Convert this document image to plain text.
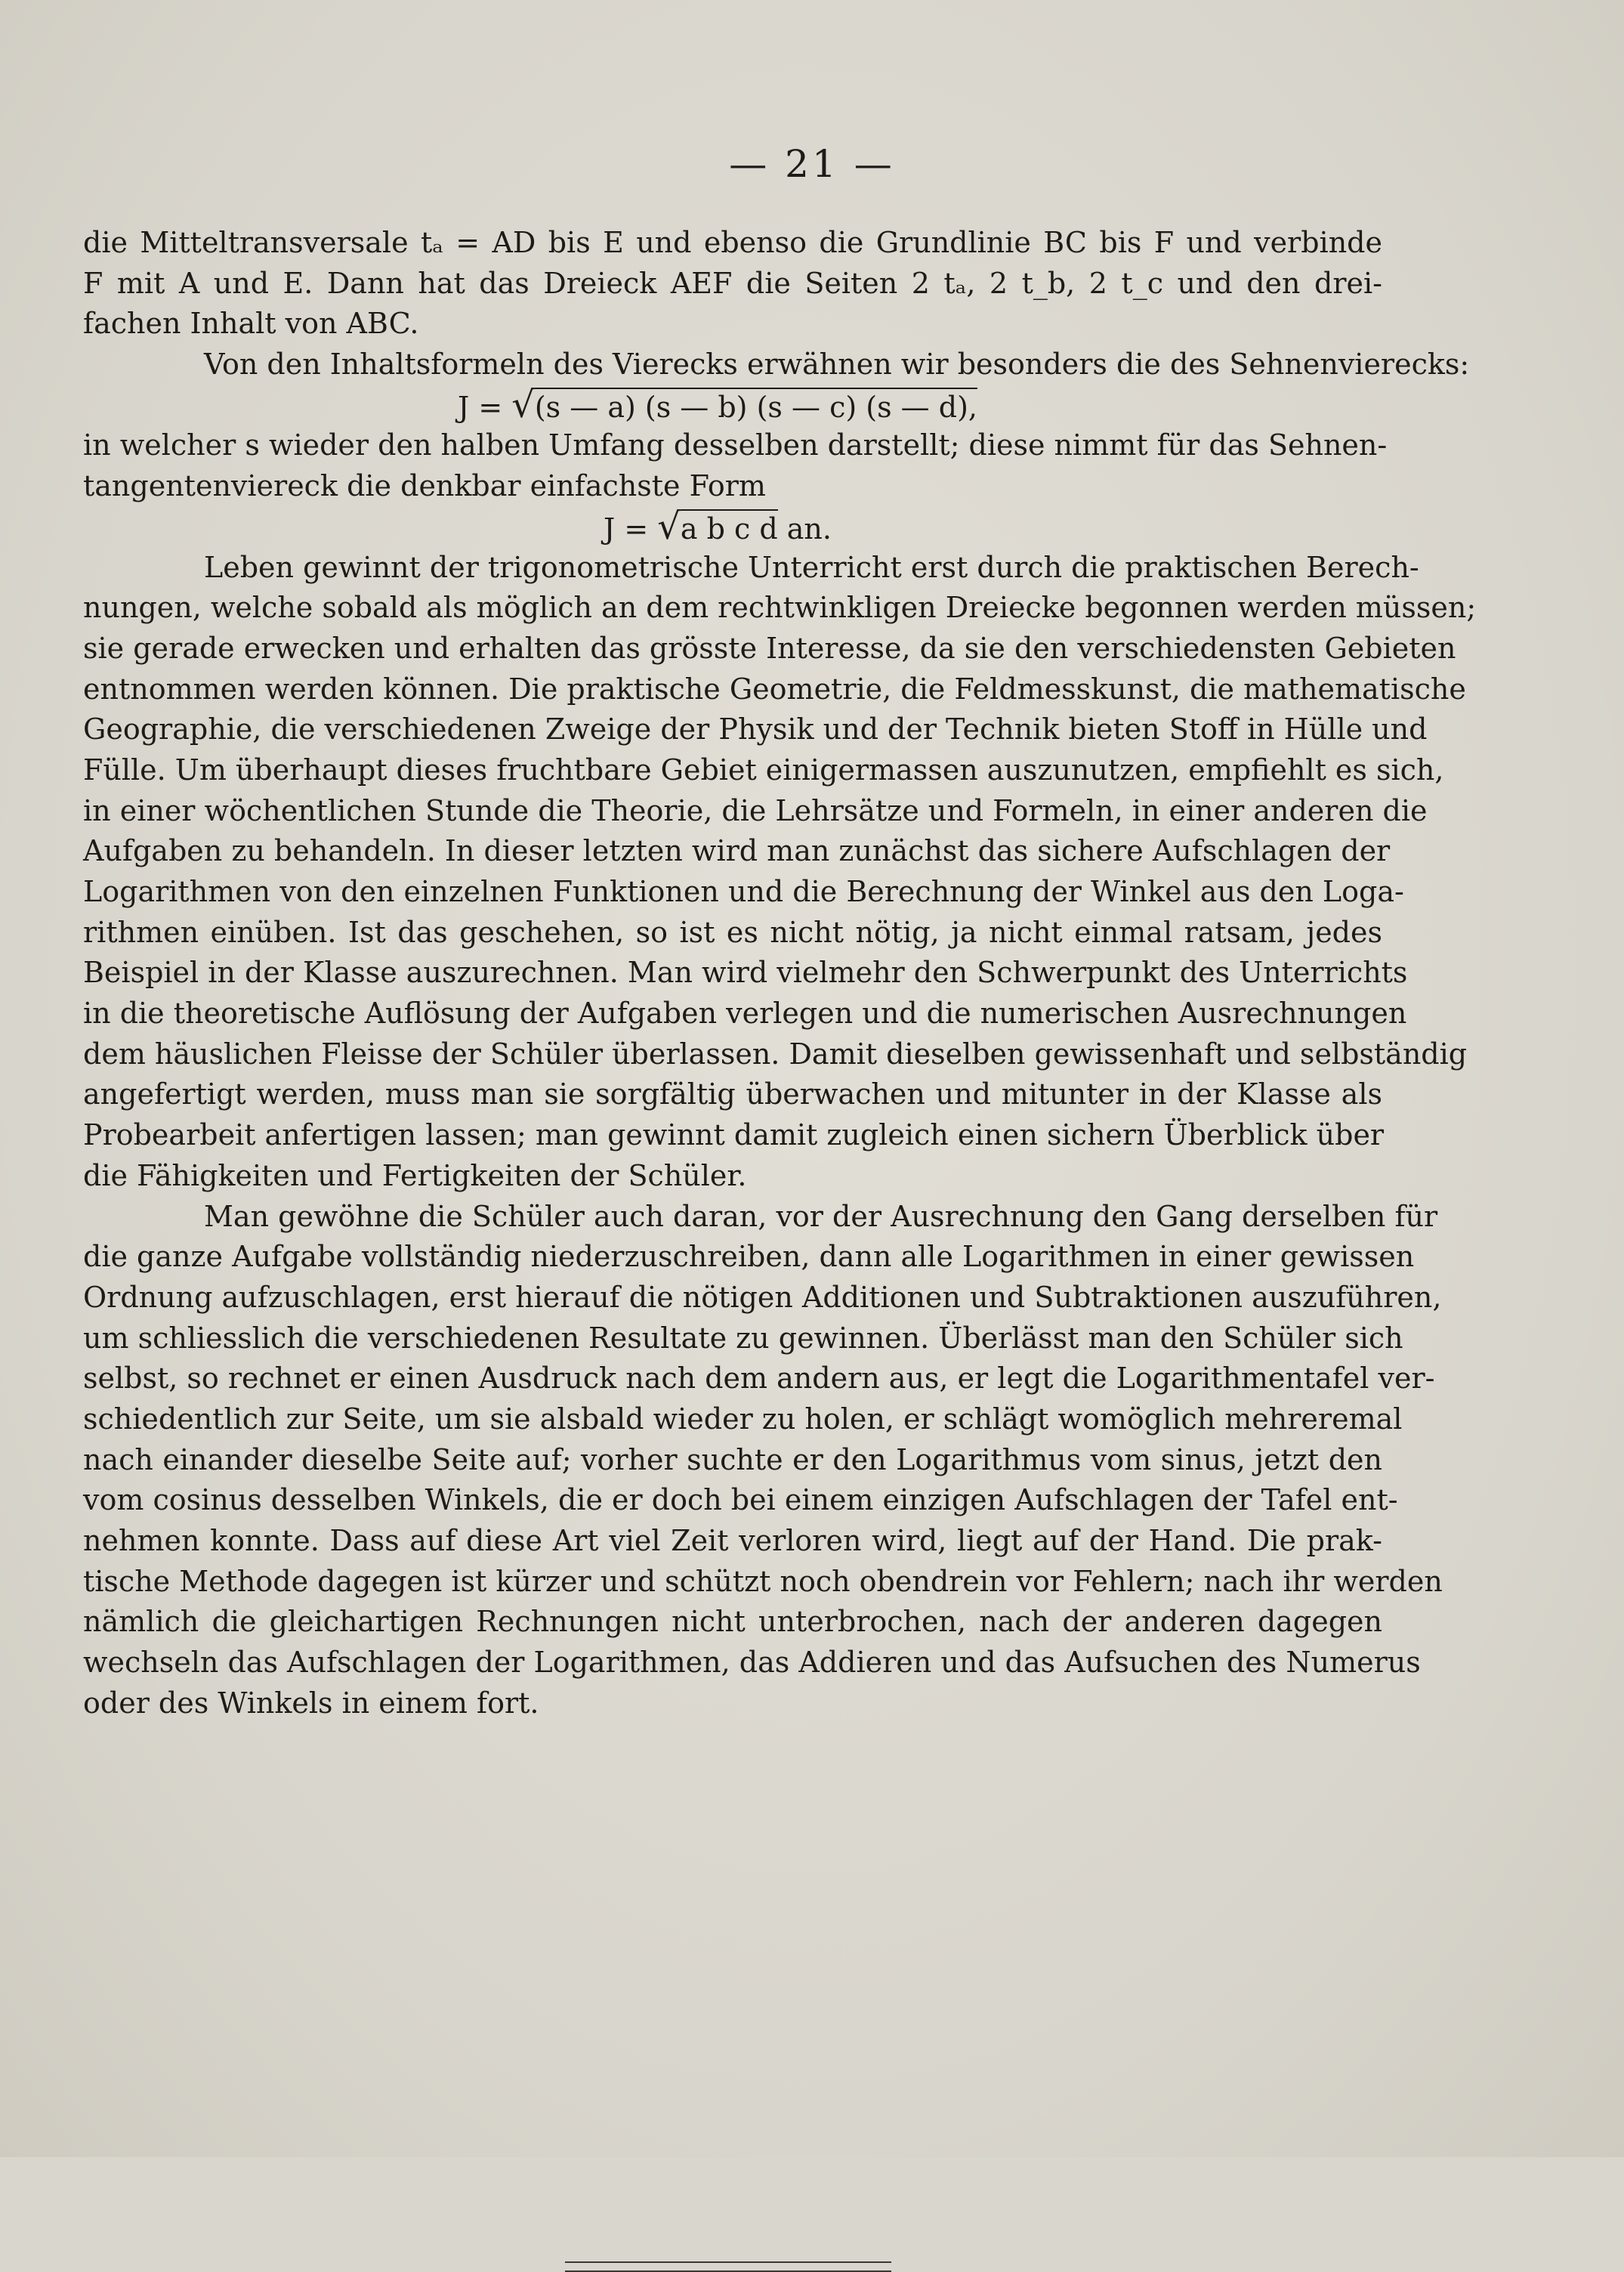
— 21 —
die Mitteltransversale tₐ = AD bis E und ebenso die Grundlinie BC bis F und verbinde
F mit A und E. Dann hat das Dreieck AEF die Seiten 2 tₐ, 2 t_b, 2 t_c und den drei-
fachen Inhalt von ABC.
Von den Inhaltsformeln des Vierecks erwähnen wir besonders die des Sehnenvierecks:
J = √(s — a) (s — b) (s — c) (s — d),
in welcher s wieder den halben Umfang desselben darstellt; diese nimmt für das Sehnen-
tangentenviereck die denkbar einfachste Form
J = √a b c d an.
Leben gewinnt der trigonometrische Unterricht erst durch die praktischen Berech-
nungen, welche sobald als möglich an dem rechtwinkligen Dreiecke begonnen werden müssen;
sie gerade erwecken und erhalten das grösste Interesse, da sie den verschiedensten Gebieten
entnommen werden können. Die praktische Geometrie, die Feldmesskunst, die mathematische
Geographie, die verschiedenen Zweige der Physik und der Technik bieten Stoff in Hülle und
Fülle. Um überhaupt dieses fruchtbare Gebiet einigermassen auszunutzen, empfiehlt es sich,
in einer wöchentlichen Stunde die Theorie, die Lehrsätze und Formeln, in einer anderen die
Aufgaben zu behandeln. In dieser letzten wird man zunächst das sichere Aufschlagen der
Logarithmen von den einzelnen Funktionen und die Berechnung der Winkel aus den Loga-
rithmen einüben. Ist das geschehen, so ist es nicht nötig, ja nicht einmal ratsam, jedes
Beispiel in der Klasse auszurechnen. Man wird vielmehr den Schwerpunkt des Unterrichts
in die theoretische Auflösung der Aufgaben verlegen und die numerischen Ausrechnungen
dem häuslichen Fleisse der Schüler überlassen. Damit dieselben gewissenhaft und selbständig
angefertigt werden, muss man sie sorgfältig überwachen und mitunter in der Klasse als
Probearbeit anfertigen lassen; man gewinnt damit zugleich einen sichern Überblick über
die Fähigkeiten und Fertigkeiten der Schüler.
Man gewöhne die Schüler auch daran, vor der Ausrechnung den Gang derselben für
die ganze Aufgabe vollständig niederzuschreiben, dann alle Logarithmen in einer gewissen
Ordnung aufzuschlagen, erst hierauf die nötigen Additionen und Subtraktionen auszuführen,
um schliesslich die verschiedenen Resultate zu gewinnen. Überlässt man den Schüler sich
selbst, so rechnet er einen Ausdruck nach dem andern aus, er legt die Logarithmentafel ver-
schiedentlich zur Seite, um sie alsbald wieder zu holen, er schlägt womöglich mehreremal
nach einander dieselbe Seite auf; vorher suchte er den Logarithmus vom sinus, jetzt den
vom cosinus desselben Winkels, die er doch bei einem einzigen Aufschlagen der Tafel ent-
nehmen konnte. Dass auf diese Art viel Zeit verloren wird, liegt auf der Hand. Die prak-
tische Methode dagegen ist kürzer und schützt noch obendrein vor Fehlern; nach ihr werden
nämlich die gleichartigen Rechnungen nicht unterbrochen, nach der anderen dagegen
wechseln das Aufschlagen der Logarithmen, das Addieren und das Aufsuchen des Numerus
oder des Winkels in einem fort.
